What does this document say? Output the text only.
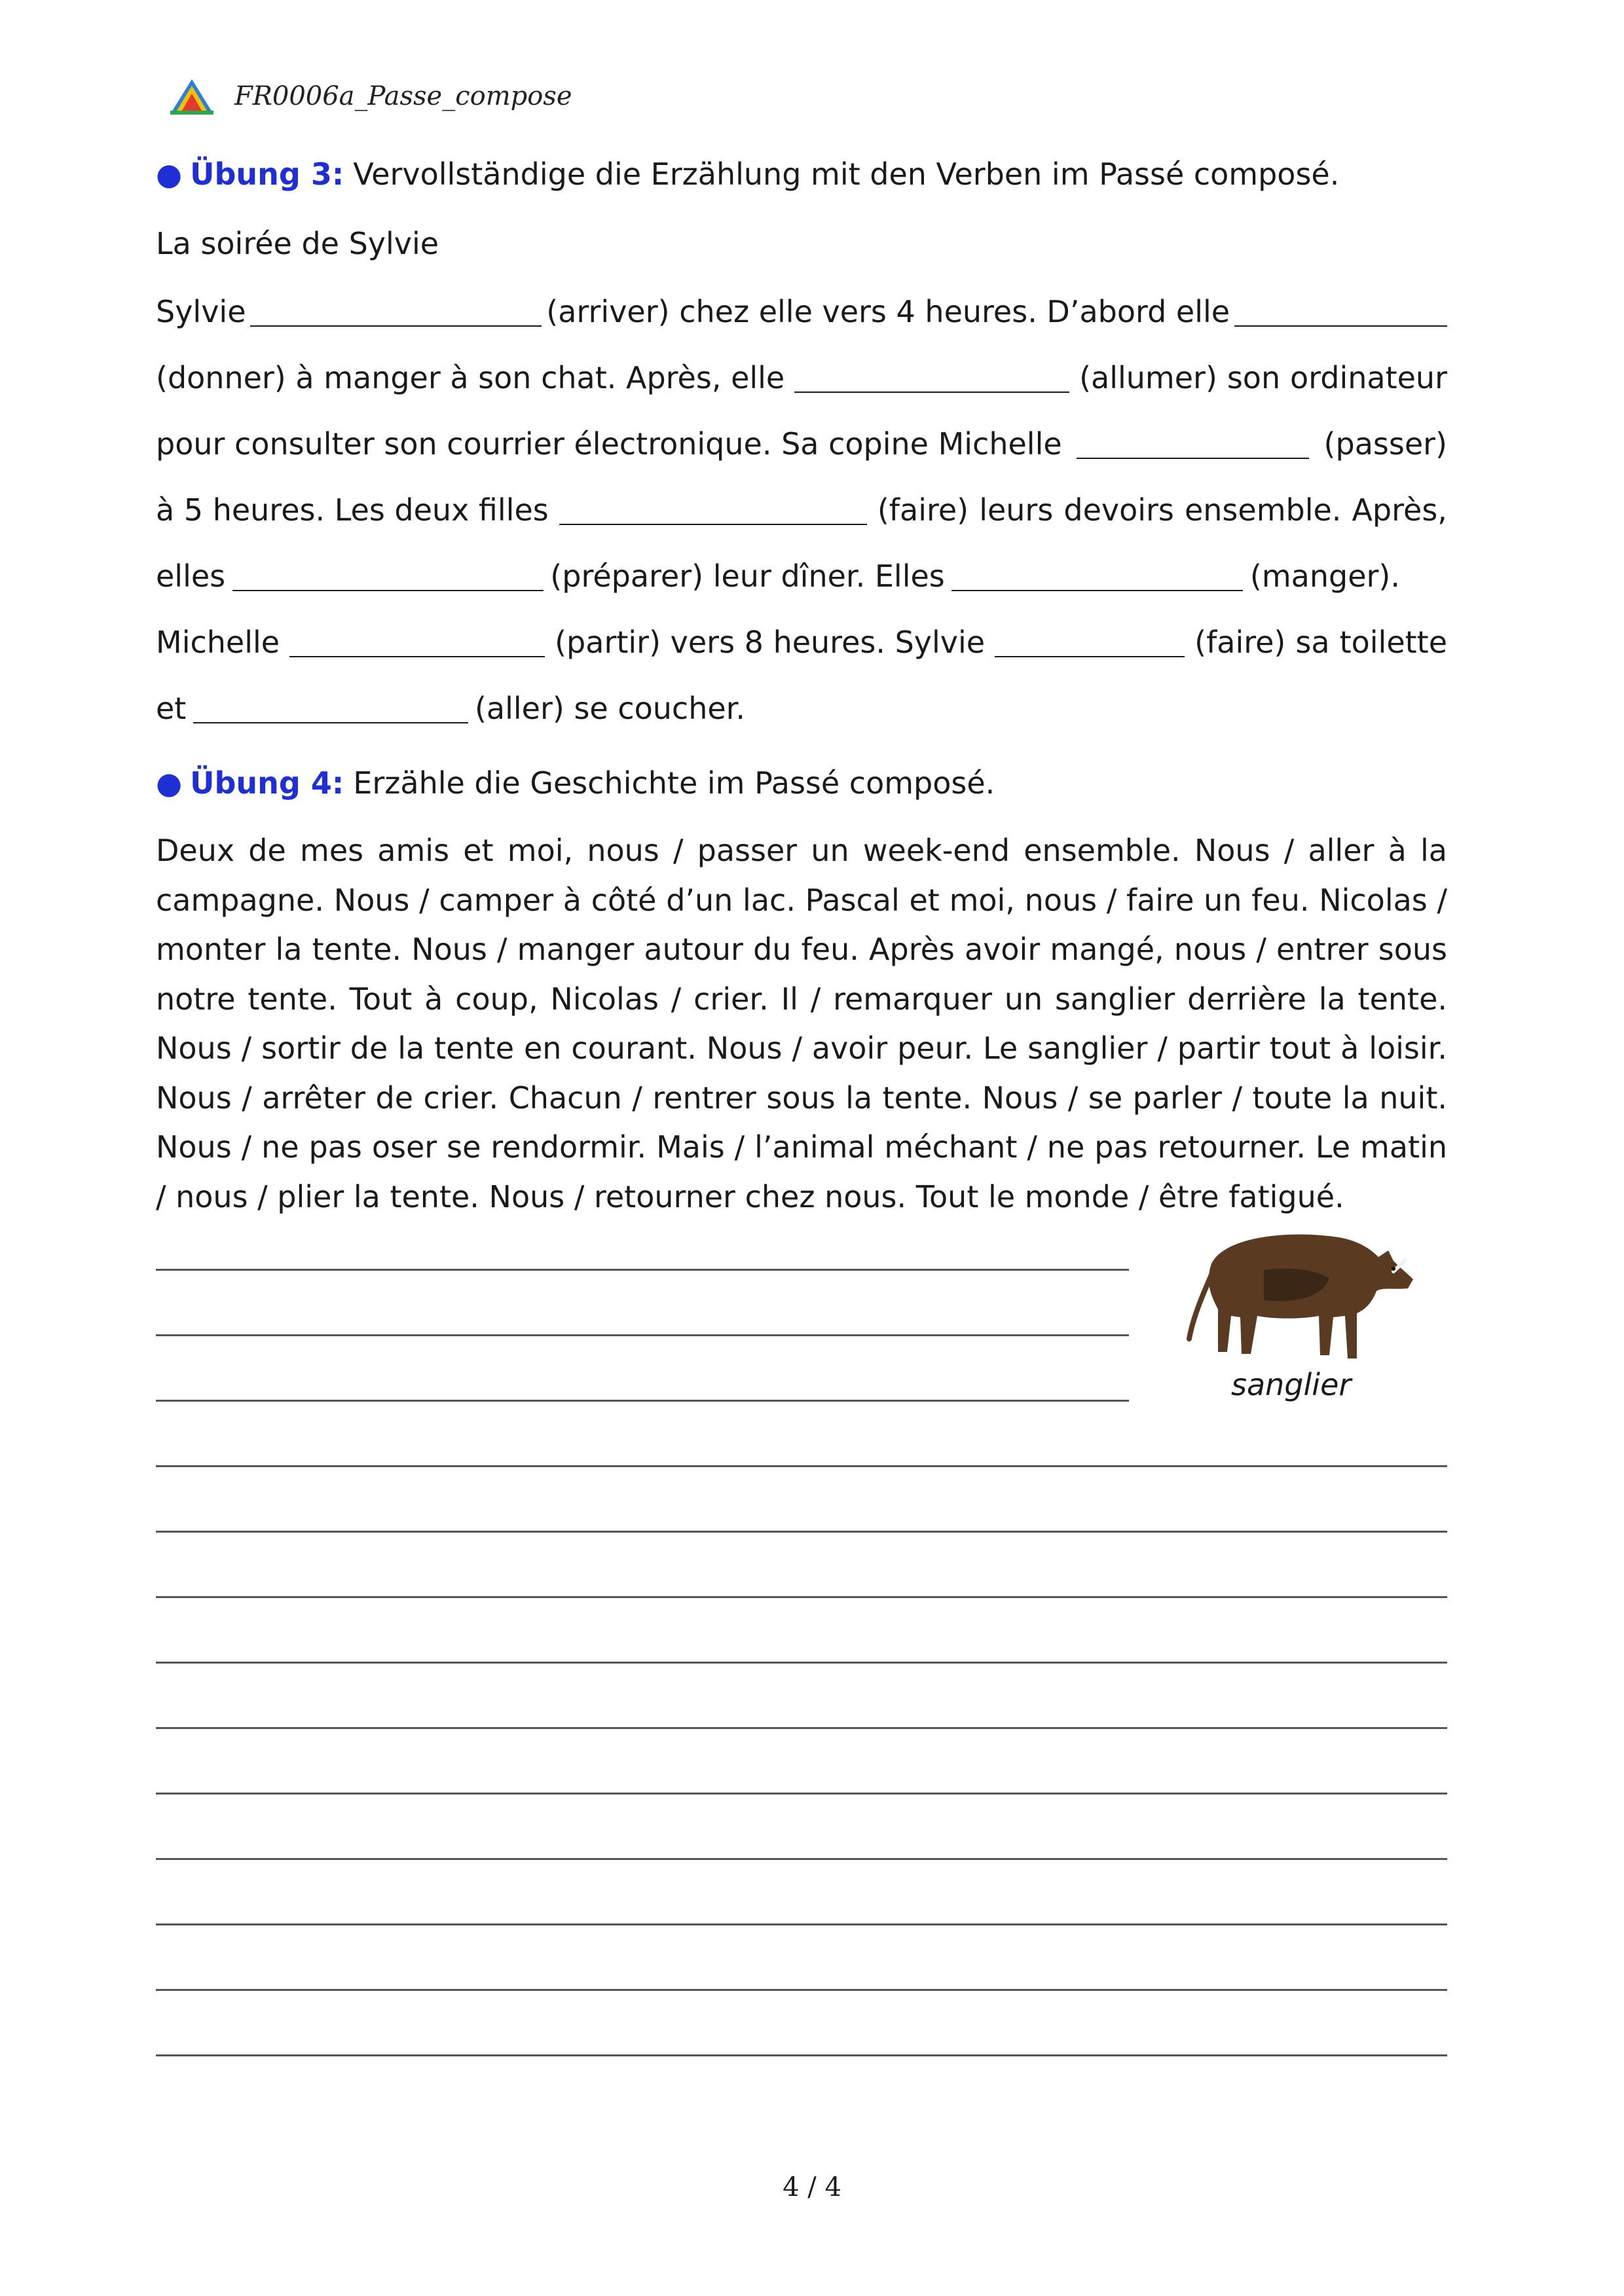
FR0006a_Passe_compose
● Übung 3: Vervollständige die Erzählung mit den Verben im Passé composé.
La soirée de Sylvie
Sylvie	(arriver) chez elle vers 4 heures. D’abord elle
(donner) à manger à son chat. Après, elle	(allumer) son ordinateur
pour consulter son courrier électronique. Sa copine Michelle	(passer)
à 5 heures. Les deux filles	(faire) leurs devoirs ensemble. Après,
elles	(préparer) leur dîner. Elles	(manger).
Michelle	(partir) vers 8 heures. Sylvie	(faire) sa toilette
et	(aller) se coucher.
● Übung 4: Erzähle die Geschichte im Passé composé.

Deux de mes amis et moi, nous / passer un week-end ensemble. Nous / aller à la campagne. Nous / camper à côté d’un lac. Pascal et moi, nous / faire un feu. Nicolas / monter la tente. Nous / manger autour du feu. Après avoir mangé, nous / entrer sous notre tente. Tout à coup, Nicolas / crier. Il / remarquer un sanglier derrière la tente. Nous / sortir de la tente en courant. Nous / avoir peur. Le sanglier / partir tout à loisir. Nous / arrêter de crier. Chacun / rentrer sous la tente. Nous / se parler / toute la nuit. Nous / ne pas oser se rendormir. Mais / l’animal méchant / ne pas retourner. Le matin / nous / plier la tente. Nous / retourner chez nous. Tout le monde / être fatigué.

sanglier
4 / 4
